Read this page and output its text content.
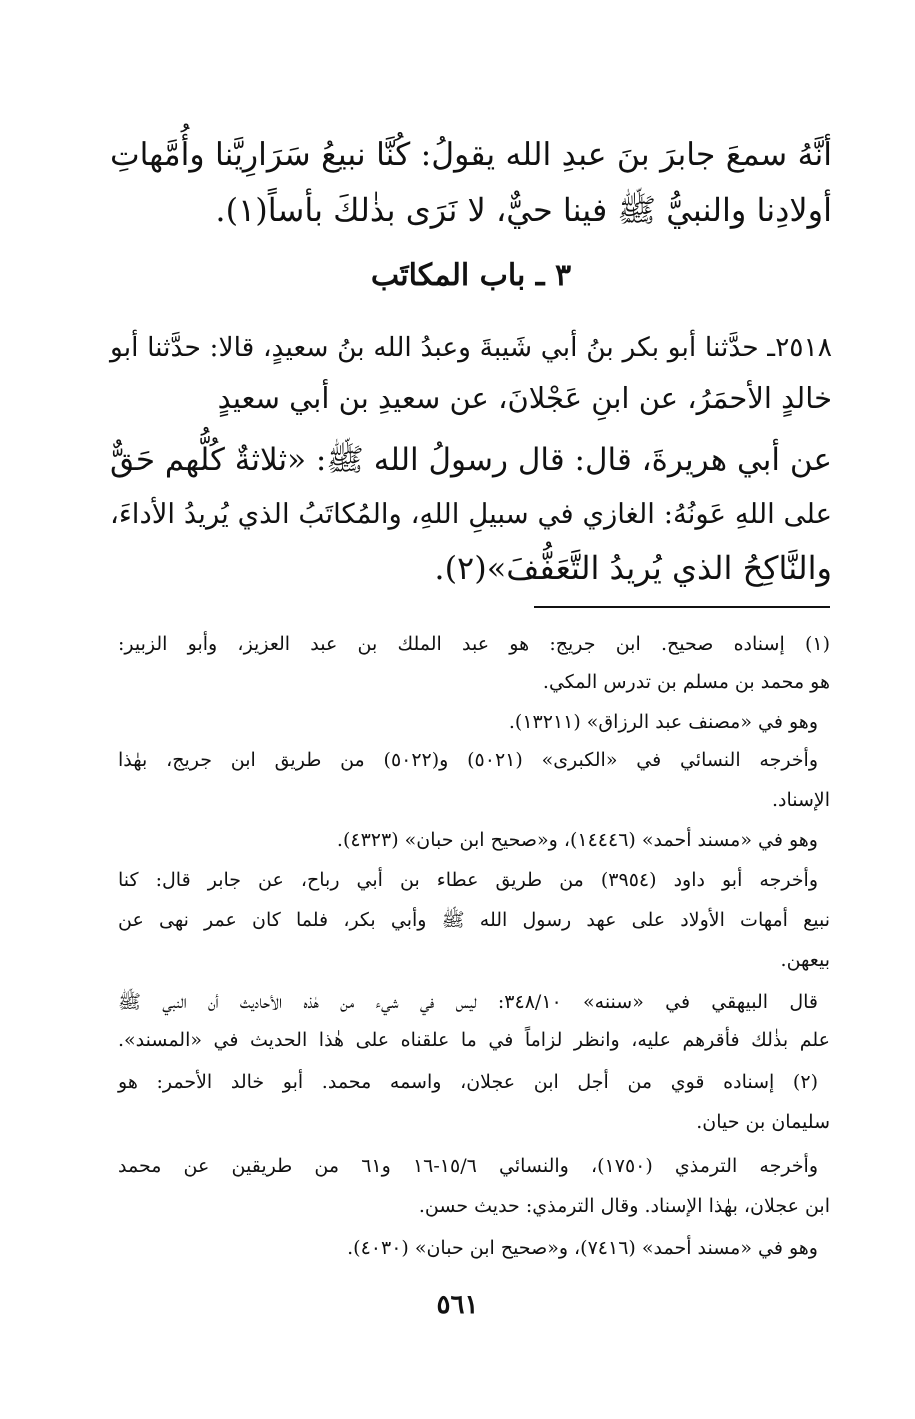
أنَّهُ سمعَ جابرَ بنَ عبدِ الله يقولُ: كُنَّا نبيعُ سَرَارِيَّنا وأُمَّهاتِ
أولادِنا والنبيُّ ﷺ فينا حيٌّ، لا نَرَى بذٰلكَ بأساً(١).
٣ ـ باب المكاتَب
٢٥١٨ـ حدَّثنا أبو بكر بنُ أبي شَيبةَ وعبدُ الله بنُ سعيدٍ، قالا: حدَّثنا أبو
خالدٍ الأحمَرُ، عن ابنِ عَجْلانَ، عن سعيدِ بن أبي سعيدٍ
عن أبي هريرةَ، قال: قال رسولُ الله ﷺ: «ثلاثةٌ كُلُّهم حَقٌّ
على اللهِ عَونُهُ: الغازي في سبيلِ اللهِ، والمُكاتَبُ الذي يُريدُ الأداءَ،
والنَّاكِحُ الذي يُريدُ التَّعَفُّفَ»(٢).
(١) إسناده صحيح. ابن جريج: هو عبد الملك بن عبد العزيز، وأبو الزبير:
هو محمد بن مسلم بن تدرس المكي.
وهو في «مصنف عبد الرزاق» (١٣٢١١).
وأخرجه النسائي في «الكبرى» (٥٠٢١) و(٥٠٢٢) من طريق ابن جريج، بهٰذا
الإسناد.
وهو في «مسند أحمد» (١٤٤٤٦)، و«صحيح ابن حبان» (٤٣٢٣).
وأخرجه أبو داود (٣٩٥٤) من طريق عطاء بن أبي رباح، عن جابر قال: كنا
نبيع أمهات الأولاد على عهد رسول الله ﷺ وأبي بكر، فلما كان عمر نهى عن
بيعهن.
قال البيهقي في «سننه» ٣٤٨/١٠: ليس في شيء من هٰذه الأحاديث أن النبي ﷺ
علم بذٰلك فأقرهم عليه، وانظر لزاماً في ما علقناه على هٰذا الحديث في «المسند».
(٢) إسناده قوي من أجل ابن عجلان، واسمه محمد. أبو خالد الأحمر: هو
سليمان بن حيان.
وأخرجه الترمذي (١٧٥٠)، والنسائي ١٥/٦-١٦ و٦١ من طريقين عن محمد
ابن عجلان، بهٰذا الإسناد. وقال الترمذي: حديث حسن.
وهو في «مسند أحمد» (٧٤١٦)، و«صحيح ابن حبان» (٤٠٣٠).
٥٦١
